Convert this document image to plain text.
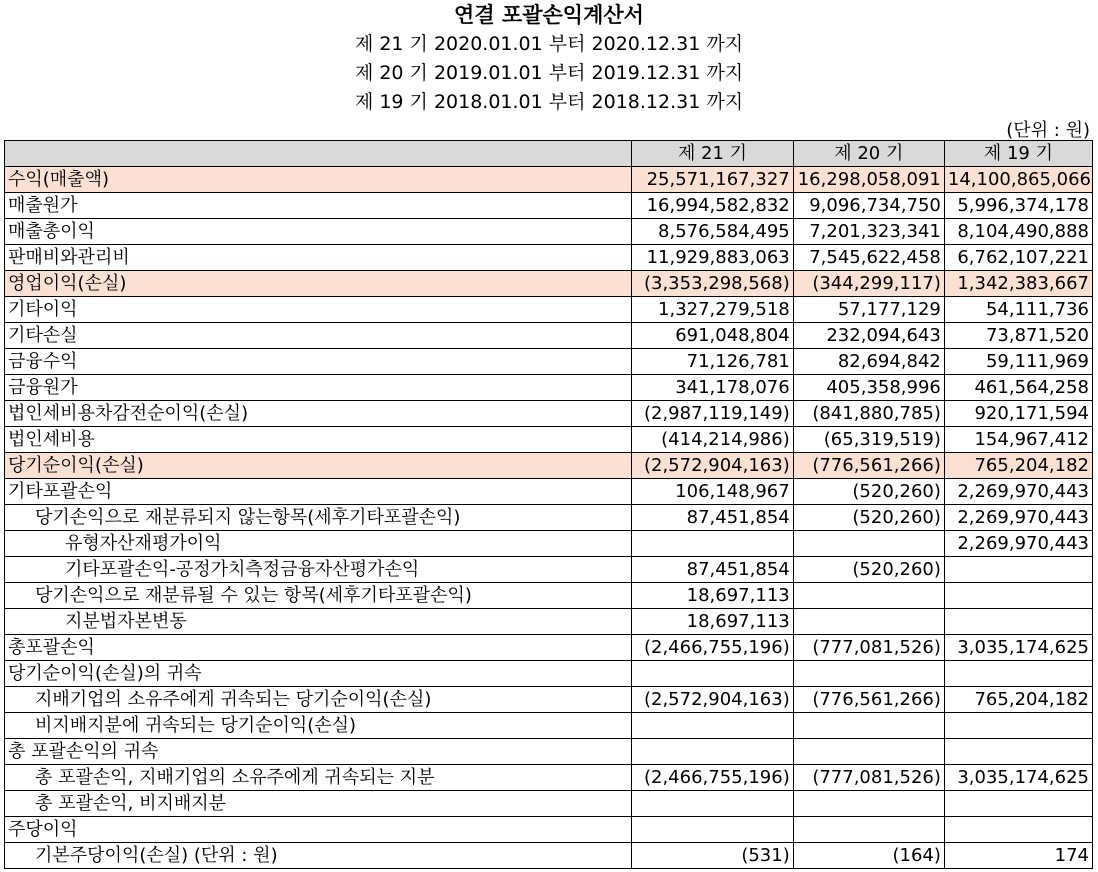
연결 포괄손익계산서
제 21 기 2020.01.01 부터 2020.12.31 까지
제 20 기 2019.01.01 부터 2019.12.31 까지
제 19 기 2018.01.01 부터 2018.12.31 까지
(단위 : 원)
	제 21 기	제 20 기	제 19 기
수익(매출액)	25,571,167,327	16,298,058,091	14,100,865,066
매출원가	16,994,582,832	9,096,734,750	5,996,374,178
매출총이익	8,576,584,495	7,201,323,341	8,104,490,888
판매비와관리비	11,929,883,063	7,545,622,458	6,762,107,221
영업이익(손실)	(3,353,298,568)	(344,299,117)	1,342,383,667
기타이익	1,327,279,518	57,177,129	54,111,736
기타손실	691,048,804	232,094,643	73,871,520
금융수익	71,126,781	82,694,842	59,111,969
금융원가	341,178,076	405,358,996	461,564,258
법인세비용차감전순이익(손실)	(2,987,119,149)	(841,880,785)	920,171,594
법인세비용	(414,214,986)	(65,319,519)	154,967,412
당기순이익(손실)	(2,572,904,163)	(776,561,266)	765,204,182
기타포괄손익	106,148,967	(520,260)	2,269,970,443
당기손익으로 재분류되지 않는항목(세후기타포괄손익)	87,451,854	(520,260)	2,269,970,443
유형자산재평가이익			2,269,970,443
기타포괄손익-공정가치측정금융자산평가손익	87,451,854	(520,260)	
당기손익으로 재분류될 수 있는 항목(세후기타포괄손익)	18,697,113		
지분법자본변동	18,697,113		
총포괄손익	(2,466,755,196)	(777,081,526)	3,035,174,625
당기순이익(손실)의 귀속			
지배기업의 소유주에게 귀속되는 당기순이익(손실)	(2,572,904,163)	(776,561,266)	765,204,182
비지배지분에 귀속되는 당기순이익(손실)			
총 포괄손익의 귀속			
총 포괄손익, 지배기업의 소유주에게 귀속되는 지분	(2,466,755,196)	(777,081,526)	3,035,174,625
총 포괄손익, 비지배지분			
주당이익			
기본주당이익(손실) (단위 : 원)	(531)	(164)	174
